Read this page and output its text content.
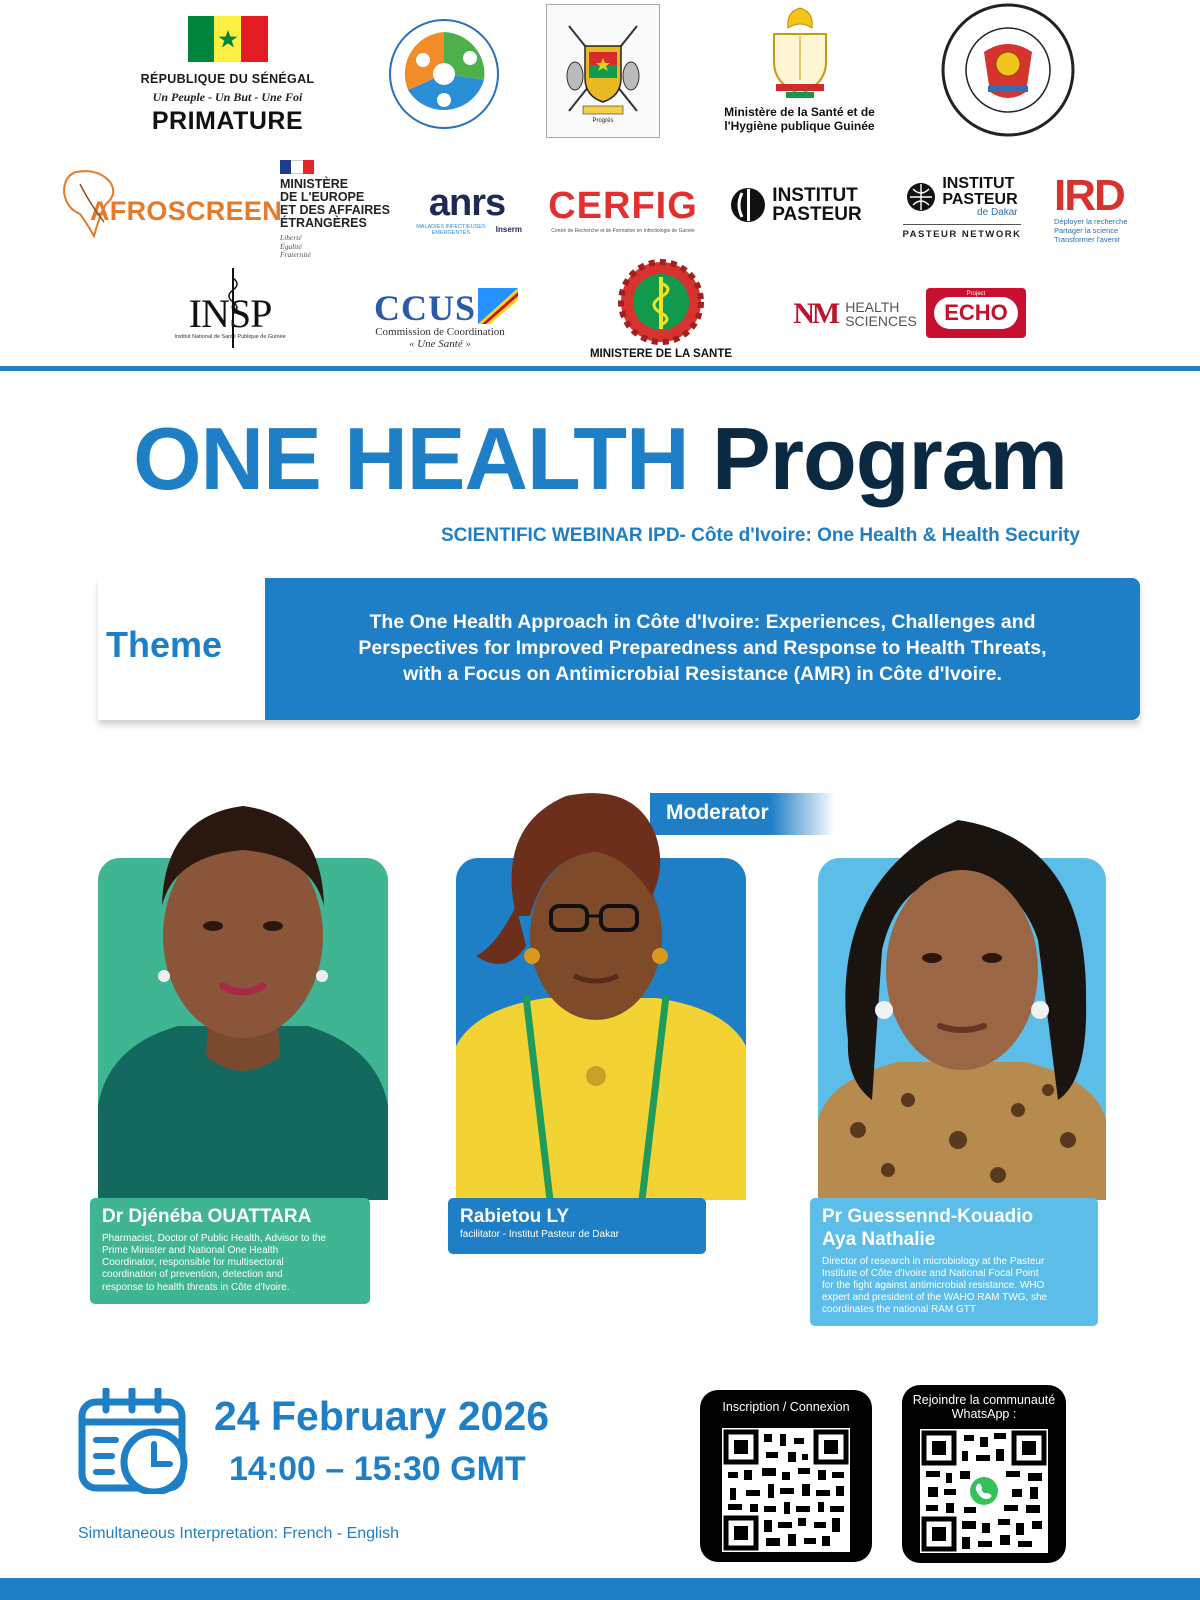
RÉPUBLIQUE DU SÉNÉGAL
Un Peuple - Un But - Une Foi
PRIMATURE	Progrès
Ministère de la Santé et de
l'Hygiène publique Guinée
AFROSCREEN
MINISTÈRE
DE L'EUROPE
ET DES AFFAIRES
ÉTRANGÈRES
Liberté
Égalité
Fraternité
anrs
MALADIES INFECTIEUSES ÉMERGENTES	Inserm
CERFIG
Centre de Recherche et de Formation en Infectiologie de Guinée
INSTITUT
PASTEUR
INSTITUT
PASTEUR
de Dakar
PASTEUR NETWORK
IRD
Déployer la recherche
Partager la science
Transformer l'avenir
INSP
Institut National de Santé Publique de Guinée
CCUS
Commission de Coordination
« Une Santé »
MINISTERE DE LA SANTE
NM HEALTH
SCIENCES
Project
ECHO
ONE HEALTH Program
SCIENTIFIC WEBINAR IPD- Côte d'Ivoire: One Health & Health Security
Theme
The One Health Approach in Côte d'Ivoire: Experiences, Challenges and
Perspectives for Improved Preparedness and Response to Health Threats,
with a Focus on Antimicrobial Resistance (AMR) in Côte d'Ivoire.
Dr Djénéba OUATTARA
Pharmacist, Doctor of Public Health, Advisor to the
Prime Minister and National One Health
Coordinator, responsible for multisectoral
coordination of prevention, detection and
response to health threats in Côte d'Ivoire.
Moderator
Rabietou LY
facilitator - Institut Pasteur de Dakar
Pr Guessennd-Kouadio
Aya Nathalie
Director of research in microbiology at the Pasteur
Institute of Côte d'Ivoire and National Focal Point
for the fight against antimicrobial resistance. WHO
expert and president of the WAHO RAM TWG, she
coordinates the national RAM GTT
24 February 2026
14:00 – 15:30 GMT
Simultaneous Interpretation: French - English
Inscription / Connexion	Rejoindre la communauté
WhatsApp :
